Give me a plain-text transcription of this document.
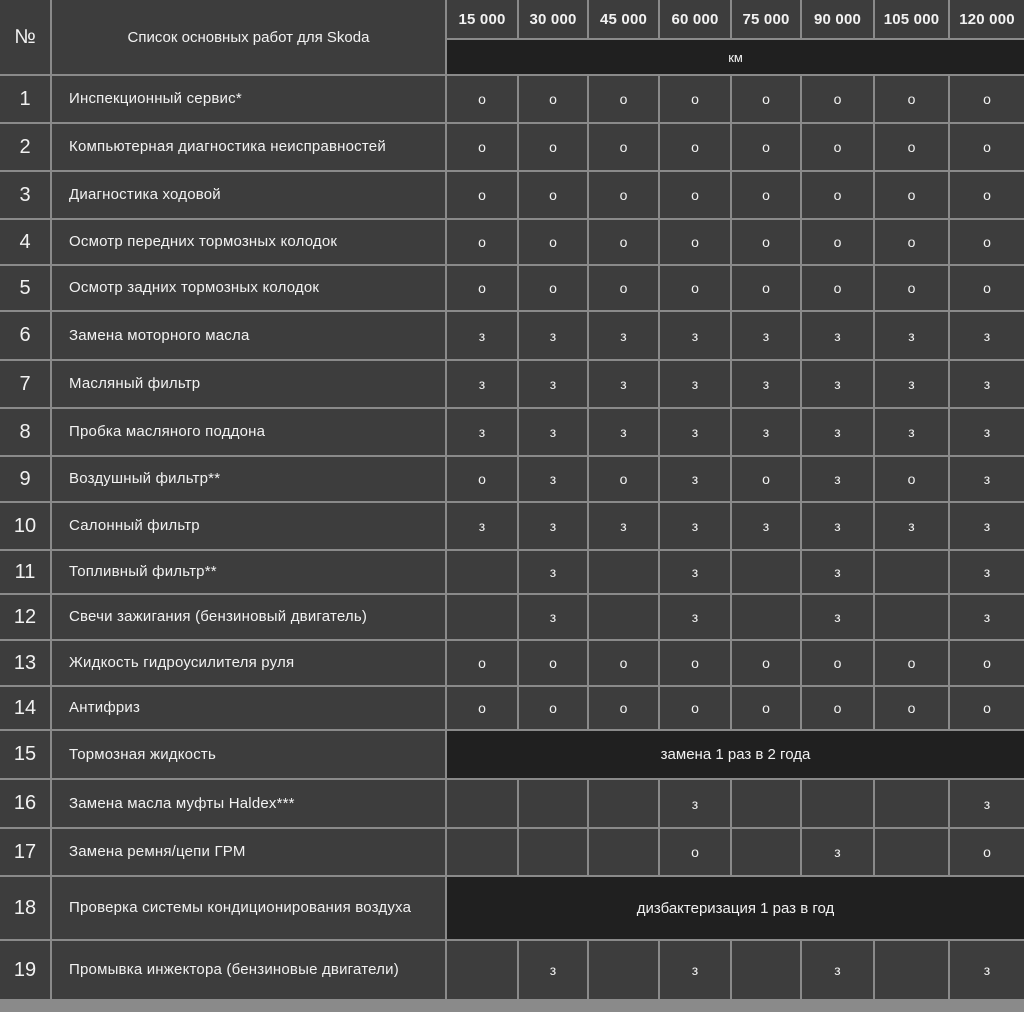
№	Список основных работ для Skoda	15 000	30 000	45 000	60 000	75 000	90 000	105 000	120 000
		км							
1	Инспекционный сервис*	о	о	о	о	о	о	о	о
2	Компьютерная диагностика неисправностей	о	о	о	о	о	о	о	о
3	Диагностика ходовой	о	о	о	о	о	о	о	о
4	Осмотр передних тормозных колодок	о	о	о	о	о	о	о	о
5	Осмотр задних тормозных колодок	о	о	о	о	о	о	о	о
6	Замена моторного масла	з	з	з	з	з	з	з	з
7	Масляный фильтр	з	з	з	з	з	з	з	з
8	Пробка масляного поддона	з	з	з	з	з	з	з	з
9	Воздушный фильтр**	о	з	о	з	о	з	о	з
10	Салонный фильтр	з	з	з	з	з	з	з	з
11	Топливный фильтр**		з		з		з		з
12	Свечи зажигания (бензиновый двигатель)		з		з		з		з
13	Жидкость гидроусилителя руля	о	о	о	о	о	о	о	о
14	Антифриз	о	о	о	о	о	о	о	о
15	Тормозная жидкость	замена 1 раз в 2 года							
16	Замена масла муфты Haldex***				з				з
17	Замена ремня/цепи ГРМ				о		з		о
18	Проверка системы кондиционирования воздуха	дизбактеризация 1 раз в год							
19	Промывка инжектора (бензиновые двигатели)		з		з		з		з
